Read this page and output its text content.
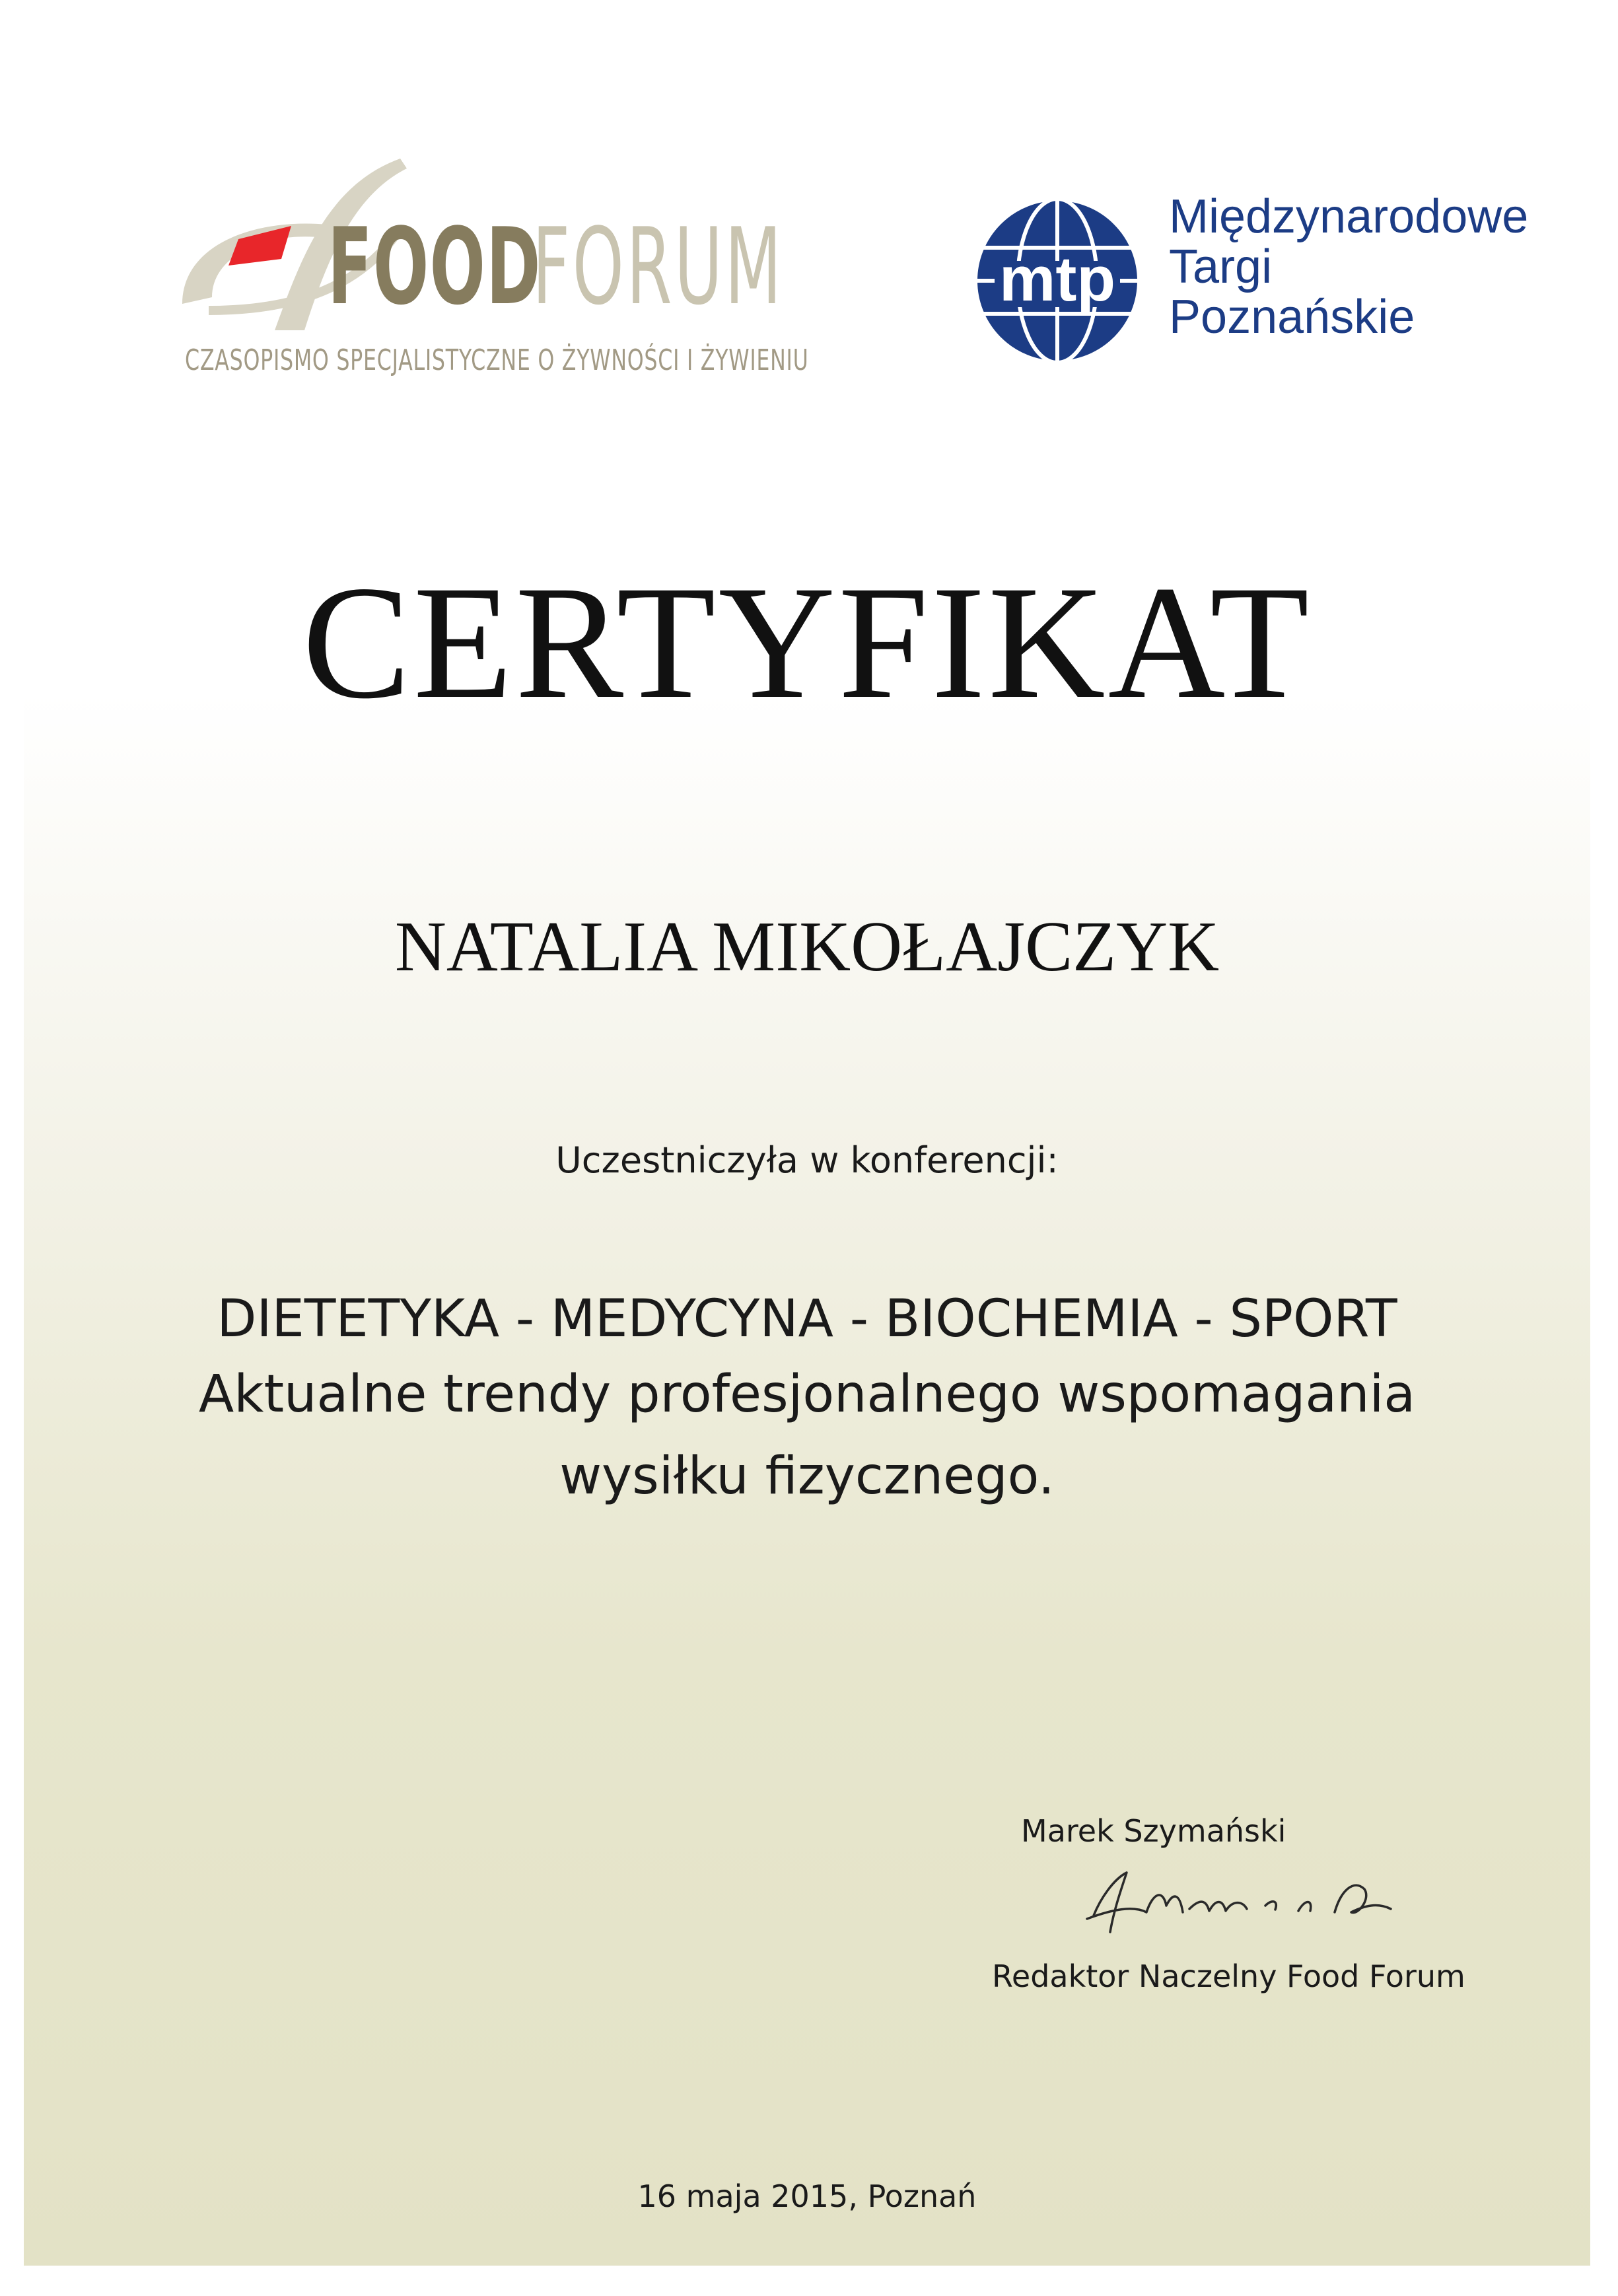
FOOD
FORUM
CZASOPISMO SPECJALISTYCZNE O ŻYWNOŚCI I ŻYWIENIU
mtp
Międzynarodowe
Targi
Poznańskie
CERTYFIKAT
NATALIA MIKOŁAJCZYK
Uczestniczyła w konferencji:
DIETETYKA - MEDYCYNA - BIOCHEMIA - SPORT
Aktualne trendy profesjonalnego wspomagania
wysiłku fizycznego.
Marek Szymański
Redaktor Naczelny Food Forum
16 maja 2015, Poznań
